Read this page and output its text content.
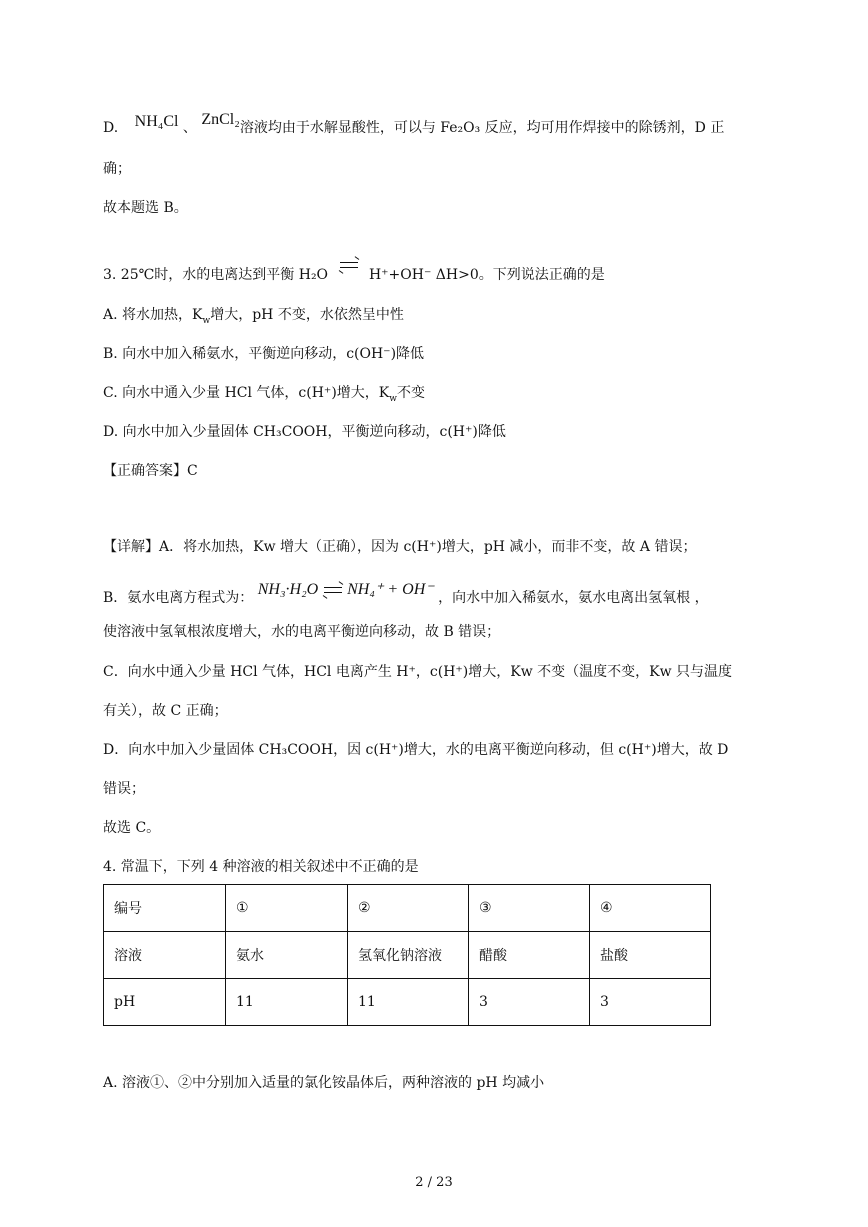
D. NH₄Cl 、 ZnCl₂溶液均由于水解显酸性，可以与 Fe₂O₃ 反应，均可用作焊接中的除锈剂，D 正
确；
故本题选 B。
3. 25℃时，水的电离达到平衡 H₂O	H⁺+OH⁻ ΔH>0。下列说法正确的是
A. 将水加热，$K_w$增大，pH 不变，水依然呈中性
B. 向水中加入稀氨水，平衡逆向移动，c(OH⁻)降低
C. 向水中通入少量 HCl 气体，c(H⁺)增大，$K_w$不变
D. 向水中加入少量固体 CH₃COOH，平衡逆向移动，c(H⁺)降低
【正确答案】C
【详解】A．将水加热，Kw 增大（正确），因为 c(H⁺)增大，pH 减小，而非不变，故 A 错误；
B．氨水电离方程式为： NH₃·H₂O NH₄⁺ + OH⁻ ，向水中加入稀氨水，氨水电离出氢氧根 ，
使溶液中氢氧根浓度增大，水的电离平衡逆向移动，故 B 错误；
C．向水中通入少量 HCl 气体，HCl 电离产生 H⁺，c(H⁺)增大，Kw 不变（温度不变，Kw 只与温度
有关），故 C 正确；
D．向水中加入少量固体 CH₃COOH，因 c(H⁺)增大，水的电离平衡逆向移动，但 c(H⁺)增大，故 D
错误；
故选 C。
4. 常温下，下列 4 种溶液的相关叙述中不正确的是
编号	①	②	③	④
溶液	氨水	氢氧化钠溶液	醋酸	盐酸
pH	11	11	3	3
A. 溶液①、②中分别加入适量的氯化铵晶体后，两种溶液的 pH 均减小
2 / 23
